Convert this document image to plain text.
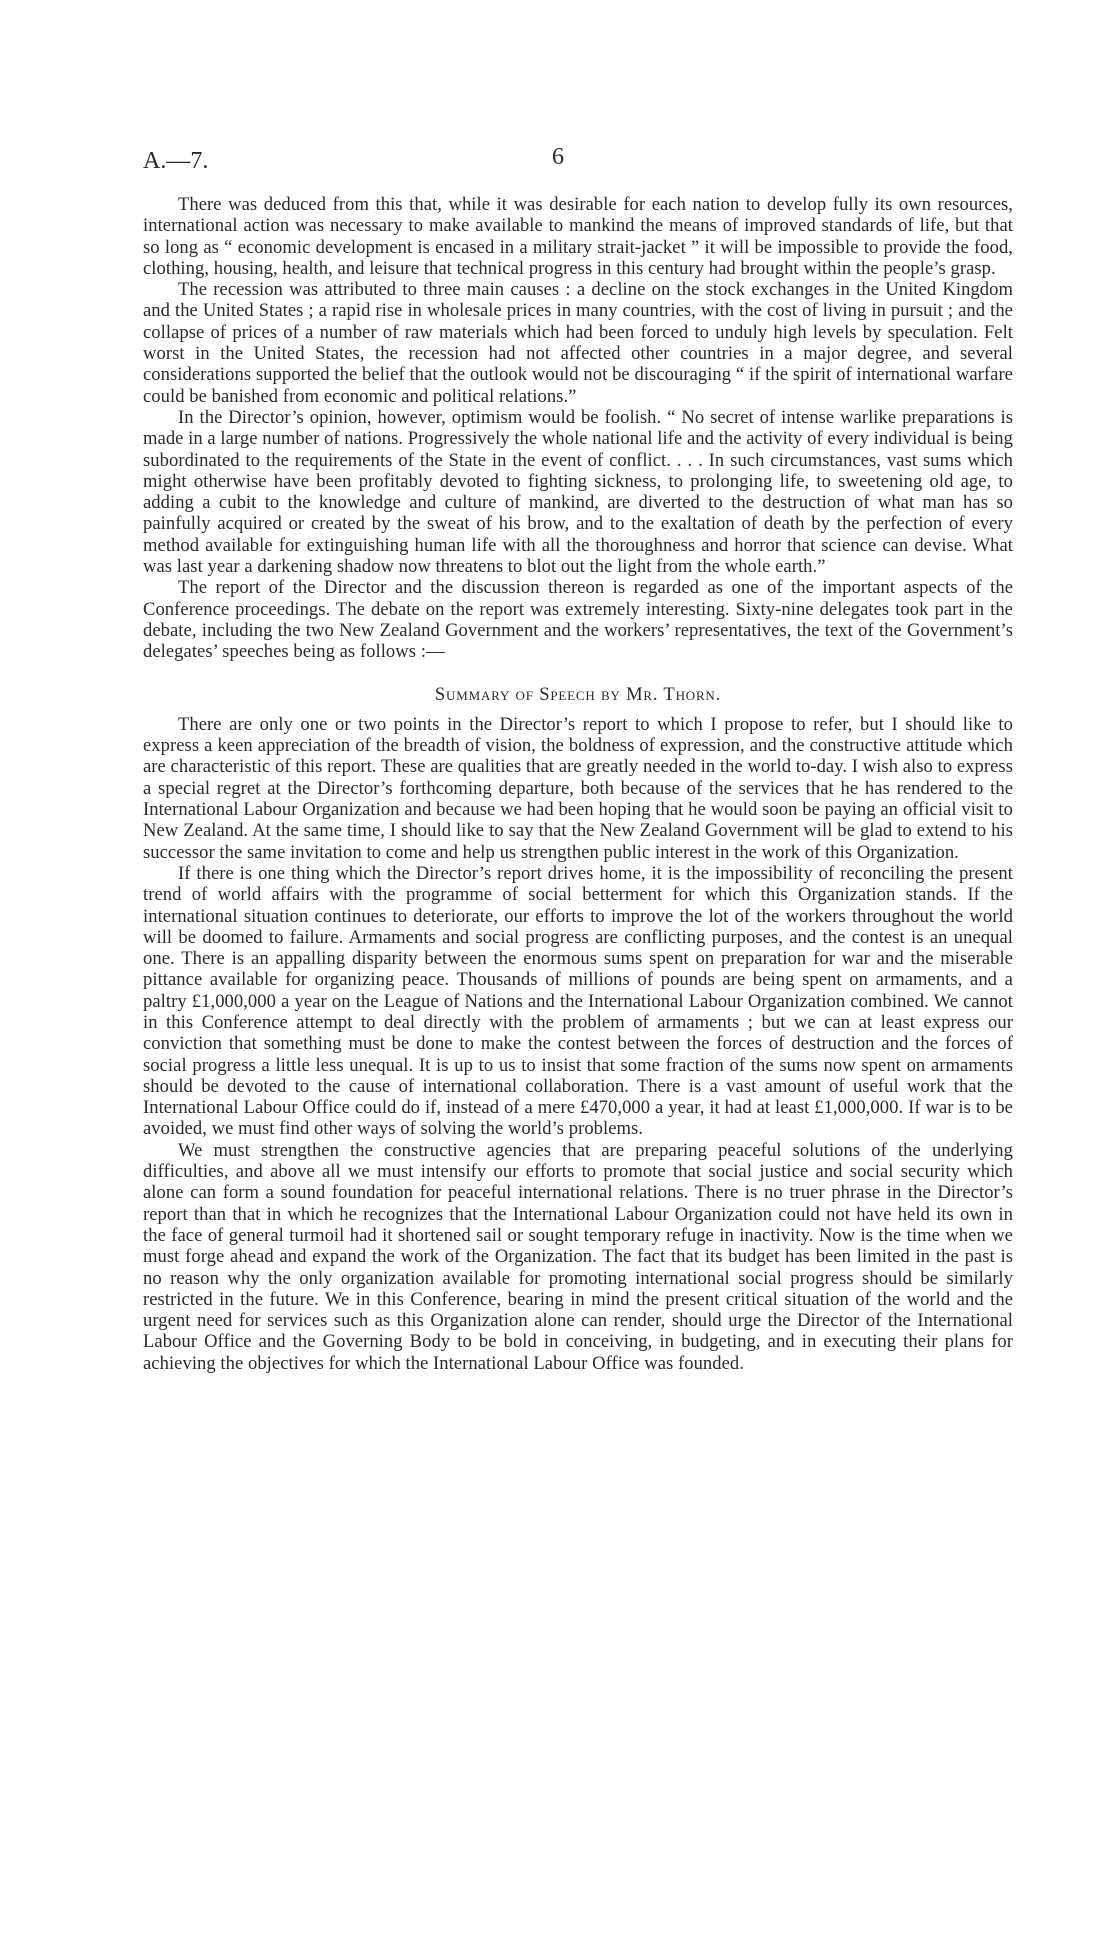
A.—7.	6

There was deduced from this that, while it was desirable for each nation to develop fully its own resources, international action was necessary to make available to mankind the means of improved standards of life, but that so long as “ economic development is encased in a military strait-jacket ” it will be impossible to provide the food, clothing, housing, health, and leisure that technical progress in this century had brought within the people’s grasp.

The recession was attributed to three main causes : a decline on the stock exchanges in the United Kingdom and the United States ; a rapid rise in wholesale prices in many countries, with the cost of living in pursuit ; and the collapse of prices of a number of raw materials which had been forced to unduly high levels by speculation. Felt worst in the United States, the recession had not affected other countries in a major degree, and several considerations supported the belief that the outlook would not be discouraging “ if the spirit of international warfare could be banished from economic and political relations.”

In the Director’s opinion, however, optimism would be foolish. “ No secret of intense warlike preparations is made in a large number of nations. Progressively the whole national life and the activity of every individual is being subordinated to the requirements of the State in the event of conflict. . . . In such circumstances, vast sums which might otherwise have been profitably devoted to fighting sickness, to prolonging life, to sweetening old age, to adding a cubit to the knowledge and culture of mankind, are diverted to the destruction of what man has so painfully acquired or created by the sweat of his brow, and to the exaltation of death by the perfection of every method available for extinguishing human life with all the thoroughness and horror that science can devise. What was last year a darkening shadow now threatens to blot out the light from the whole earth.”

The report of the Director and the discussion thereon is regarded as one of the important aspects of the Conference proceedings. The debate on the report was extremely interesting. Sixty-nine delegates took part in the debate, including the two New Zealand Government and the workers’ representatives, the text of the Government’s delegates’ speeches being as follows :—

Summary of Speech by Mr. Thorn.

There are only one or two points in the Director’s report to which I propose to refer, but I should like to express a keen appreciation of the breadth of vision, the boldness of expression, and the constructive attitude which are characteristic of this report. These are qualities that are greatly needed in the world to-day. I wish also to express a special regret at the Director’s forthcoming departure, both because of the services that he has rendered to the International Labour Organization and because we had been hoping that he would soon be paying an official visit to New Zealand. At the same time, I should like to say that the New Zealand Government will be glad to extend to his successor the same invitation to come and help us strengthen public interest in the work of this Organization.

If there is one thing which the Director’s report drives home, it is the impossibility of reconciling the present trend of world affairs with the programme of social betterment for which this Organization stands. If the international situation continues to deteriorate, our efforts to improve the lot of the workers throughout the world will be doomed to failure. Armaments and social progress are conflicting purposes, and the contest is an unequal one. There is an appalling disparity between the enormous sums spent on preparation for war and the miserable pittance available for organizing peace. Thousands of millions of pounds are being spent on armaments, and a paltry £1,000,000 a year on the League of Nations and the International Labour Organization combined. We cannot in this Conference attempt to deal directly with the problem of armaments ; but we can at least express our conviction that something must be done to make the contest between the forces of destruction and the forces of social progress a little less unequal. It is up to us to insist that some fraction of the sums now spent on armaments should be devoted to the cause of international collaboration. There is a vast amount of useful work that the International Labour Office could do if, instead of a mere £470,000 a year, it had at least £1,000,000. If war is to be avoided, we must find other ways of solving the world’s problems.

We must strengthen the constructive agencies that are preparing peaceful solutions of the underlying difficulties, and above all we must intensify our efforts to promote that social justice and social security which alone can form a sound foundation for peaceful international relations. There is no truer phrase in the Director’s report than that in which he recognizes that the International Labour Organization could not have held its own in the face of general turmoil had it shortened sail or sought temporary refuge in inactivity. Now is the time when we must forge ahead and expand the work of the Organization. The fact that its budget has been limited in the past is no reason why the only organization available for promoting international social progress should be similarly restricted in the future. We in this Conference, bearing in mind the present critical situation of the world and the urgent need for services such as this Organization alone can render, should urge the Director of the International Labour Office and the Governing Body to be bold in conceiving, in budgeting, and in executing their plans for achieving the objectives for which the International Labour Office was founded.
